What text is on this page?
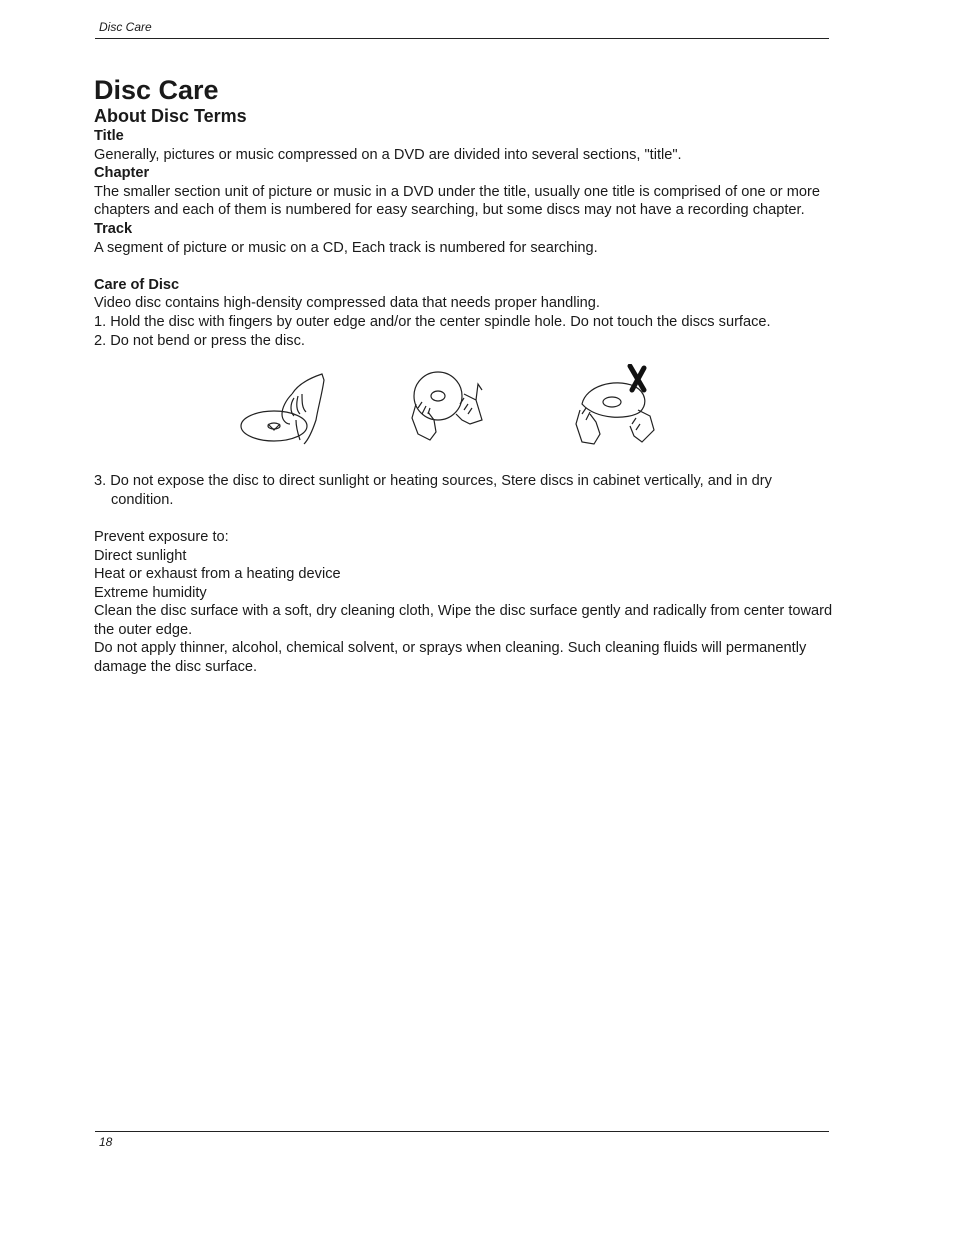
Disc Care
Disc Care
About Disc Terms
Title

Generally, pictures or music compressed on a DVD are divided into several sections, "title".

Chapter

The smaller section unit of picture or music in a DVD under the title, usually one title is comprised of one or more chapters and each of them is numbered for easy searching, but some discs may not have a recording chapter.

Track

A segment of picture or music on a CD, Each track is numbered for searching.

Care of Disc

Video disc contains high-density compressed data that needs proper handling.

1. Hold the disc with fingers by outer edge and/or the center spindle hole. Do not touch the discs surface.

2. Do not bend or press the disc.

3. Do not expose the disc to direct sunlight or heating sources, Stere discs in cabinet vertically, and in dry condition.

Prevent exposure to:

Direct sunlight

Heat or exhaust from a heating device

Extreme humidity

Clean the disc surface with a soft, dry cleaning cloth, Wipe the disc surface gently and radically from center toward the outer edge.

Do not apply thinner, alcohol, chemical solvent, or sprays when cleaning. Such cleaning fluids will permanently damage the disc surface.

18
